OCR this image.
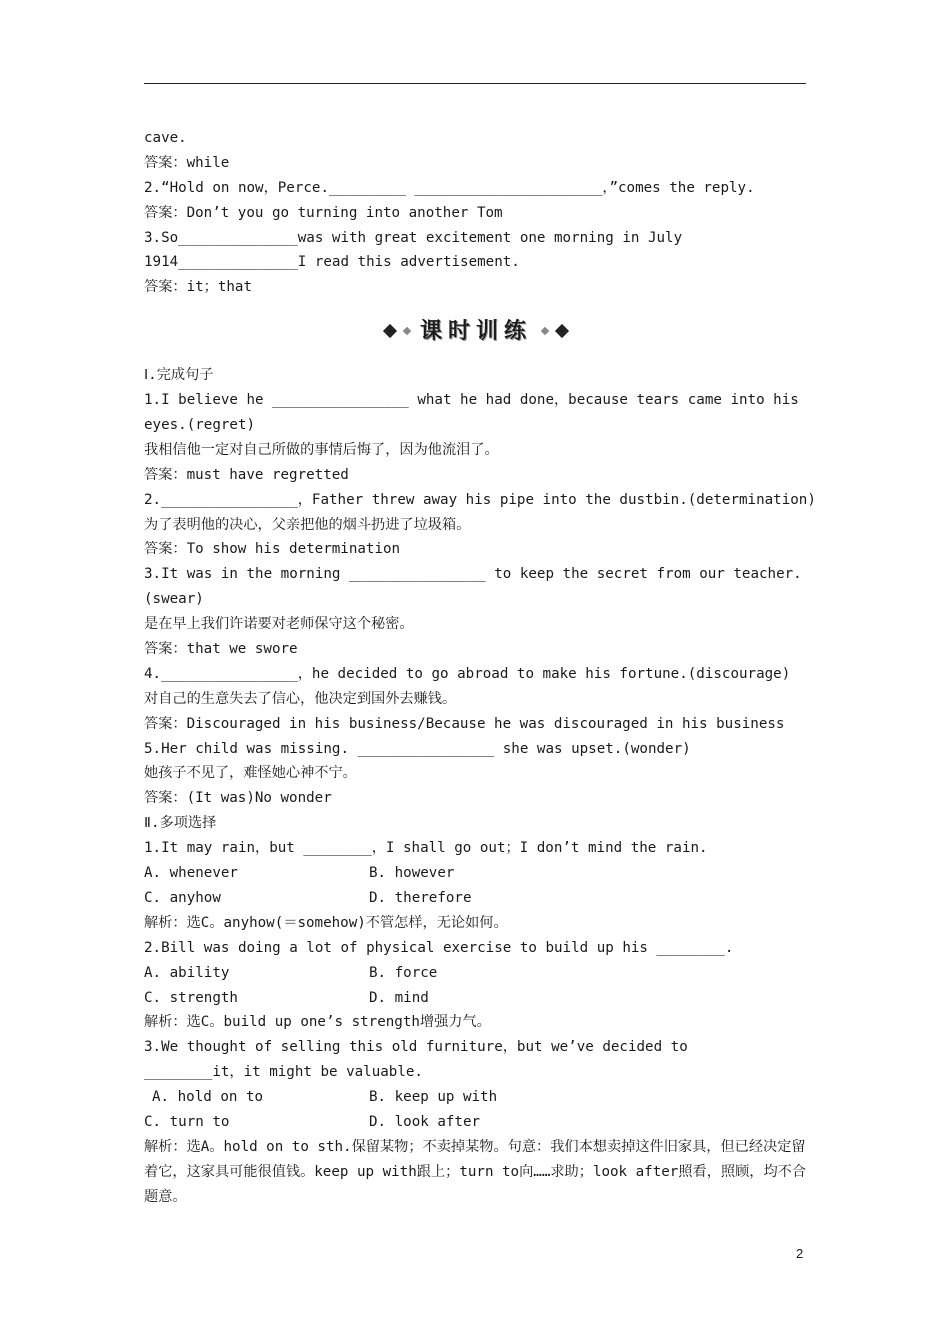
cave.
答案：while
2.“Hold on now，Perce._________ ______________________，”comes the reply.
答案：Don’t you go turning into another Tom
3.So______________was with great excitement one morning in July
1914______________I read this advertisement.
答案：it；that
课时训练
Ⅰ.完成句子
1.I believe he ________________ what he had done，because tears came into his
eyes.(regret)
我相信他一定对自己所做的事情后悔了，因为他流泪了。
答案：must have regretted
2.________________，Father threw away his pipe into the dustbin.(determination)
为了表明他的决心，父亲把他的烟斗扔进了垃圾箱。
答案：To show his determination
3.It was in the morning ________________ to keep the secret from our teacher.
(swear)
是在早上我们许诺要对老师保守这个秘密。
答案：that we swore
4.________________，he decided to go abroad to make his fortune.(discourage)
对自己的生意失去了信心，他决定到国外去赚钱。
答案：Discouraged in his business/Because he was discouraged in his business
5.Her child was missing. ________________ she was upset.(wonder)
她孩子不见了，难怪她心神不宁。
答案：(It was)No wonder
Ⅱ.多项选择
1.It may rain，but ________，I shall go out；I don’t mind the rain.
A. whenever	B. however
C. anyhow	D. therefore
解析：选C。anyhow(＝somehow)不管怎样，无论如何。
2.Bill was doing a lot of physical exercise to build up his ________.
A. ability	B. force
C. strength	D. mind
解析：选C。build up one’s strength增强力气。
3.We thought of selling this old furniture，but we’ve decided to
________it，it might be valuable.
A. hold on to	B. keep up with
C. turn to	D. look after
解析：选A。hold on to sth.保留某物；不卖掉某物。句意：我们本想卖掉这件旧家具，但已经决定留着它，这家具可能很值钱。keep up with跟上；turn to向……求助；look after照看，照顾，均不合题意。
2
